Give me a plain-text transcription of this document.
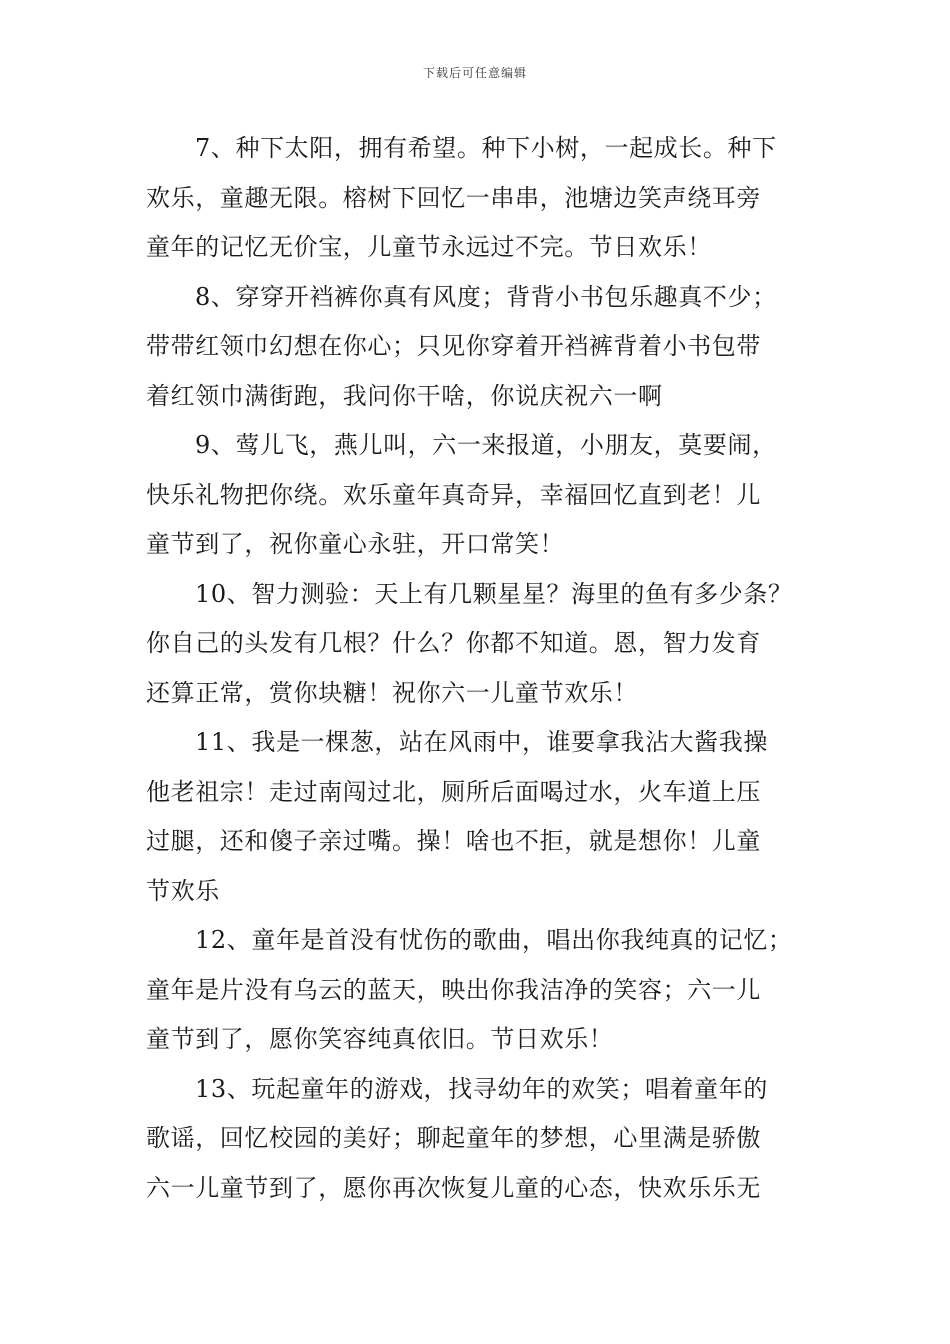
下载后可任意编辑
7、种下太阳，拥有希望。种下小树，一起成长。种下
欢乐，童趣无限。榕树下回忆一串串，池塘边笑声绕耳旁
童年的记忆无价宝，儿童节永远过不完。节日欢乐！
8、穿穿开裆裤你真有风度；背背小书包乐趣真不少；
带带红领巾幻想在你心；只见你穿着开裆裤背着小书包带
着红领巾满街跑，我问你干啥，你说庆祝六一啊
9、莺儿飞，燕儿叫，六一来报道，小朋友，莫要闹，
快乐礼物把你绕。欢乐童年真奇异，幸福回忆直到老！儿
童节到了，祝你童心永驻，开口常笑！
10、智力测验：天上有几颗星星？海里的鱼有多少条？
你自己的头发有几根？什么？你都不知道。恩，智力发育
还算正常，赏你块糖！祝你六一儿童节欢乐！
11、我是一棵葱，站在风雨中，谁要拿我沾大酱我操
他老祖宗！走过南闯过北，厕所后面喝过水，火车道上压
过腿，还和傻子亲过嘴。操！啥也不拒，就是想你！儿童
节欢乐
12、童年是首没有忧伤的歌曲，唱出你我纯真的记忆；
童年是片没有乌云的蓝天，映出你我洁净的笑容；六一儿
童节到了，愿你笑容纯真依旧。节日欢乐！
13、玩起童年的游戏，找寻幼年的欢笑；唱着童年的
歌谣，回忆校园的美好；聊起童年的梦想，心里满是骄傲
六一儿童节到了，愿你再次恢复儿童的心态，快欢乐乐无
